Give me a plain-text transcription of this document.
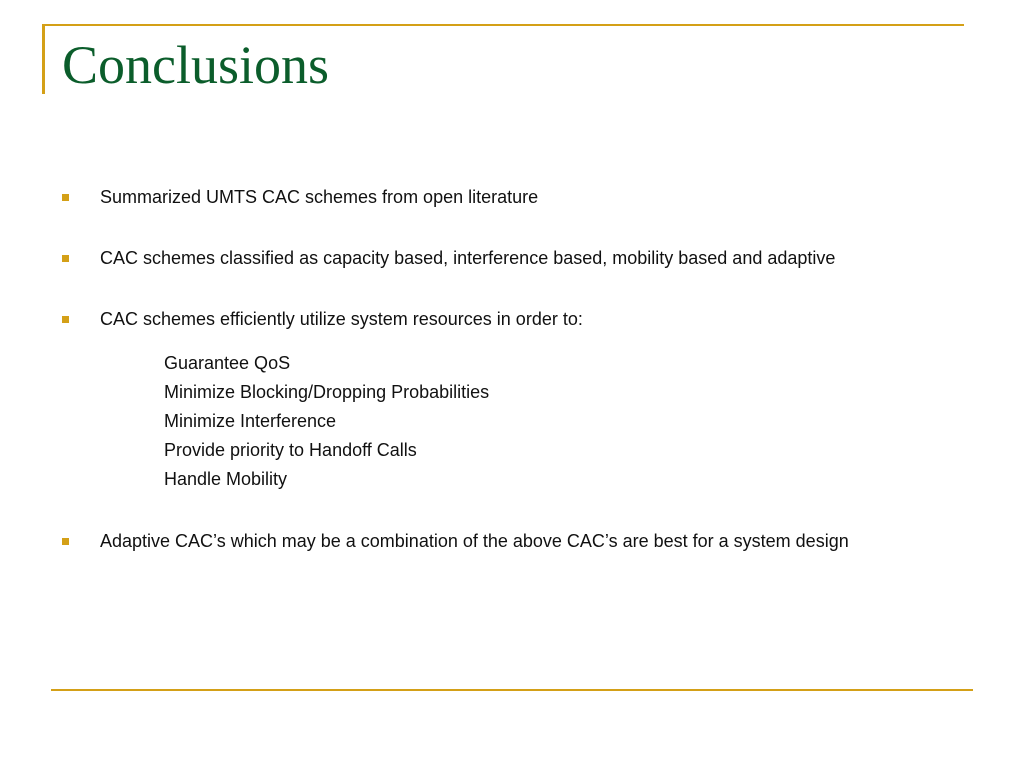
Conclusions
Summarized UMTS CAC schemes from open literature
CAC schemes classified as capacity based, interference based, mobility based and adaptive
CAC schemes efficiently utilize system resources in order to:
Guarantee QoS
Minimize Blocking/Dropping Probabilities
Minimize Interference
Provide priority to Handoff Calls
Handle Mobility
Adaptive CAC’s which may be a combination of the above CAC’s are best for a system design
